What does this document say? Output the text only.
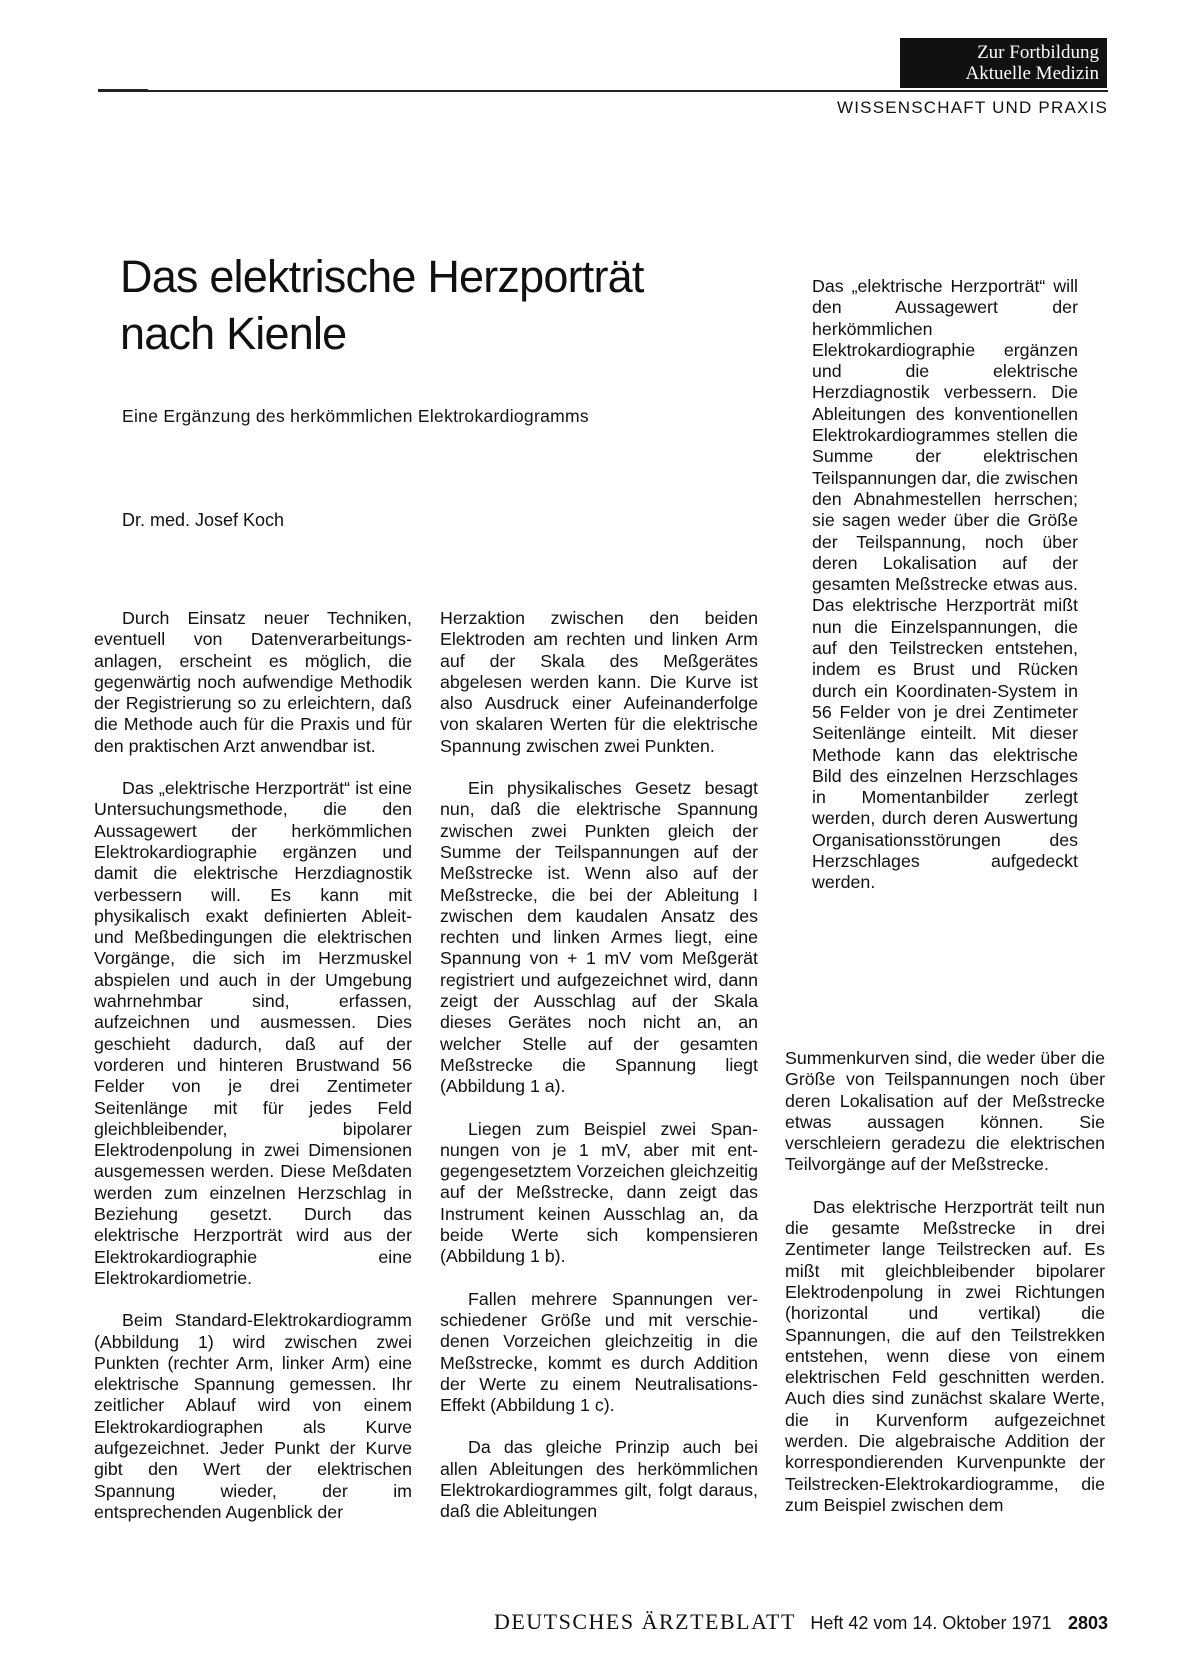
Zur Fortbildung
Aktuelle Medizin
WISSENSCHAFT UND PRAXIS
Das elektrische Herzporträt
nach Kienle
Eine Ergänzung des herkömmlichen Elektrokardiogramms
Dr. med. Josef Koch

Das „elektrische Herzporträt“ will den Aussagewert der herkömmlichen Elektrokardiographie ergänzen und die elektrische Herzdiagnostik verbessern. Die Ableitungen des konventionellen Elektrokardiogrammes stellen die Summe der elektrischen Teilspannungen dar, die zwischen den Abnahmestellen herrschen; sie sagen weder über die Größe der Teilspannung, noch über deren Lokalisation auf der gesamten Meßstrecke etwas aus. Das elektrische Herzporträt mißt nun die Einzelspannungen, die auf den Teilstrecken entstehen, indem es Brust und Rücken durch ein Koordinaten-System in 56 Felder von je drei Zentimeter Seitenlänge einteilt. Mit dieser Methode kann das elektrische Bild des einzelnen Herzschlages in Momentanbilder zerlegt werden, durch deren Auswertung Organisationsstörungen des Herzschlages aufgedeckt werden.

Durch Einsatz neuer Techniken, eventuell von Datenverarbeitungsanlagen, erscheint es möglich, die gegenwärtig noch aufwendige Methodik der Registrierung so zu erleichtern, daß die Methode auch für die Praxis und für den praktischen Arzt anwendbar ist.

Das „elektrische Herzporträt“ ist eine Untersuchungsmethode, die den Aussagewert der herkömmlichen Elektrokardiographie ergänzen und damit die elektrische Herzdiagnostik verbessern will. Es kann mit physikalisch exakt definierten Ableit- und Meßbedingungen die elektrischen Vorgänge, die sich im Herzmuskel abspielen und auch in der Umgebung wahrnehmbar sind, erfassen, aufzeichnen und ausmessen. Dies geschieht dadurch, daß auf der vorderen und hinteren Brustwand 56 Felder von je drei Zentimeter Seitenlänge mit für jedes Feld gleichbleibender, bipolarer Elektrodenpolung in zwei Dimensionen ausgemessen werden. Diese Meßdaten werden zum einzelnen Herzschlag in Beziehung gesetzt. Durch das elektrische Herzporträt wird aus der Elektrokardiographie eine Elektrokardiometrie.

Beim Standard-Elektrokardiogramm (Abbildung 1) wird zwischen zwei Punkten (rechter Arm, linker Arm) eine elektrische Spannung gemessen. Ihr zeitlicher Ablauf wird von einem Elektrokardiographen als Kurve aufgezeichnet. Jeder Punkt der Kurve gibt den Wert der elektrischen Spannung wieder, der im entsprechenden Augenblick der

Herzaktion zwischen den beiden Elektroden am rechten und linken Arm auf der Skala des Meßgerätes abgelesen werden kann. Die Kurve ist also Ausdruck einer Aufeinanderfolge von skalaren Werten für die elektrische Spannung zwischen zwei Punkten.

Ein physikalisches Gesetz besagt nun, daß die elektrische Spannung zwischen zwei Punkten gleich der Summe der Teilspannungen auf der Meßstrecke ist. Wenn also auf der Meßstrecke, die bei der Ableitung I zwischen dem kaudalen Ansatz des rechten und linken Armes liegt, eine Spannung von + 1 mV vom Meßgerät registriert und aufgezeichnet wird, dann zeigt der Ausschlag auf der Skala dieses Gerätes noch nicht an, an welcher Stelle auf der gesamten Meßstrecke die Spannung liegt (Abbildung 1 a).

Liegen zum Beispiel zwei Spannungen von je 1 mV, aber mit entgegengesetztem Vorzeichen gleichzeitig auf der Meßstrecke, dann zeigt das Instrument keinen Ausschlag an, da beide Werte sich kompensieren (Abbildung 1 b).

Fallen mehrere Spannungen verschiedener Größe und mit verschiedenen Vorzeichen gleichzeitig in die Meßstrecke, kommt es durch Addition der Werte zu einem Neutralisations-Effekt (Abbildung 1 c).

Da das gleiche Prinzip auch bei allen Ableitungen des herkömmlichen Elektrokardiogrammes gilt, folgt daraus, daß die Ableitungen

Summenkurven sind, die weder über die Größe von Teilspannungen noch über deren Lokalisation auf der Meßstrecke etwas aussagen können. Sie verschleiern geradezu die elektrischen Teilvorgänge auf der Meßstrecke.

Das elektrische Herzporträt teilt nun die gesamte Meßstrecke in drei Zentimeter lange Teilstrecken auf. Es mißt mit gleichbleibender bipolarer Elektrodenpolung in zwei Richtungen (horizontal und vertikal) die Spannungen, die auf den Teilstrekken entstehen, wenn diese von einem elektrischen Feld geschnitten werden. Auch dies sind zunächst skalare Werte, die in Kurvenform aufgezeichnet werden. Die algebraische Addition der korrespondierenden Kurvenpunkte der Teilstrecken-Elektrokardiogramme, die zum Beispiel zwischen dem

DEUTSCHES ÄRZTEBLATT Heft 42 vom 14. Oktober 1971 2803
